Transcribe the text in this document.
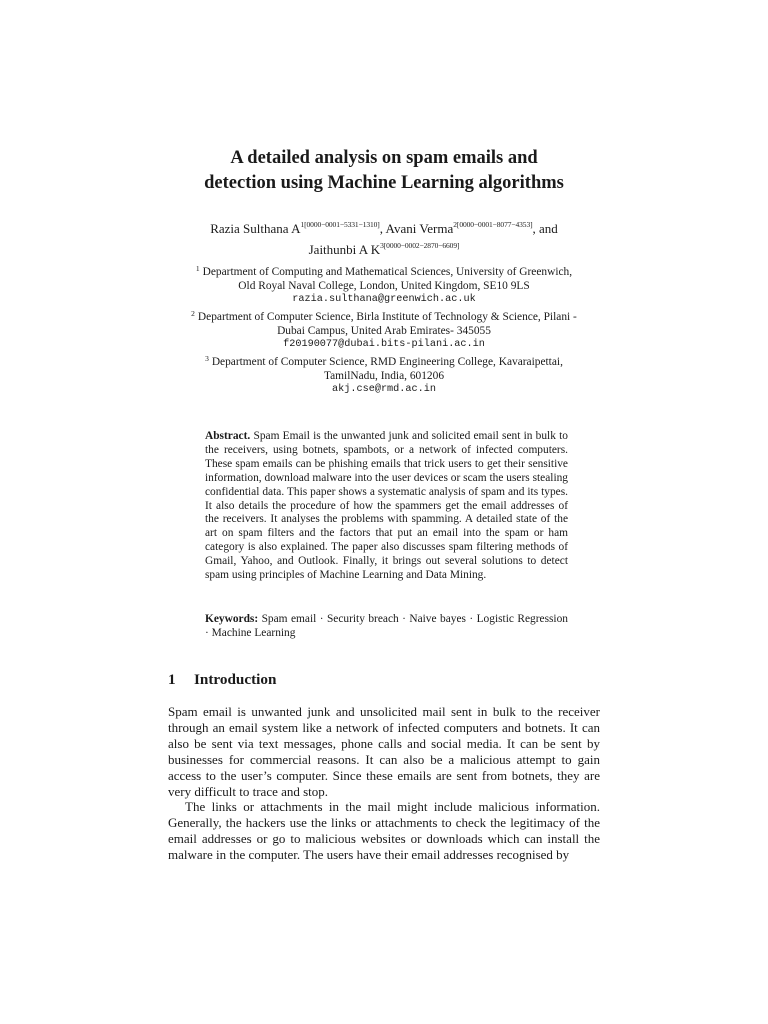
A detailed analysis on spam emails and
detection using Machine Learning algorithms
Razia Sulthana $A^{1[0000-0001-5331-1310]}$, Avani Verma$^{2[0000-0001-8077-4353]}$, and
Jaithunbi A $K^{3[0000-0002-2870-6609]}$
$^1$ Department of Computing and Mathematical Sciences, University of Greenwich,
Old Royal Naval College, London, United Kingdom, SE10 9LS
razia.sulthana@greenwich.ac.uk
$^2$ Department of Computer Science, Birla Institute of Technology & Science, Pilani -
Dubai Campus, United Arab Emirates- 345055
f20190077@dubai.bits-pilani.ac.in
$^3$ Department of Computer Science, RMD Engineering College, Kavaraipettai,
TamilNadu, India, 601206
akj.cse@rmd.ac.in
Abstract. Spam Email is the unwanted junk and solicited email sent in bulk to the receivers, using botnets, spambots, or a network of infected computers. These spam emails can be phishing emails that trick users to get their sensitive information, download malware into the user devices or scam the users stealing confidential data. This paper shows a systematic analysis of spam and its types. It also details the procedure of how the spammers get the email addresses of the receivers. It analyses the problems with spamming. A detailed state of the art on spam filters and the factors that put an email into the spam or ham category is also explained. The paper also discusses spam filtering methods of Gmail, Yahoo, and Outlook. Finally, it brings out several solutions to detect spam using principles of Machine Learning and Data Mining.
Keywords: Spam email · Security breach · Naive bayes · Logistic Regression · Machine Learning
1 Introduction

Spam email is unwanted junk and unsolicited mail sent in bulk to the receiver through an email system like a network of infected computers and botnets. It can also be sent via text messages, phone calls and social media. It can be sent by businesses for commercial reasons. It can also be a malicious attempt to gain access to the user’s computer. Since these emails are sent from botnets, they are very difficult to trace and stop.

The links or attachments in the mail might include malicious information. Generally, the hackers use the links or attachments to check the legitimacy of the email addresses or go to malicious websites or downloads which can install the malware in the computer. The users have their email addresses recognised by
